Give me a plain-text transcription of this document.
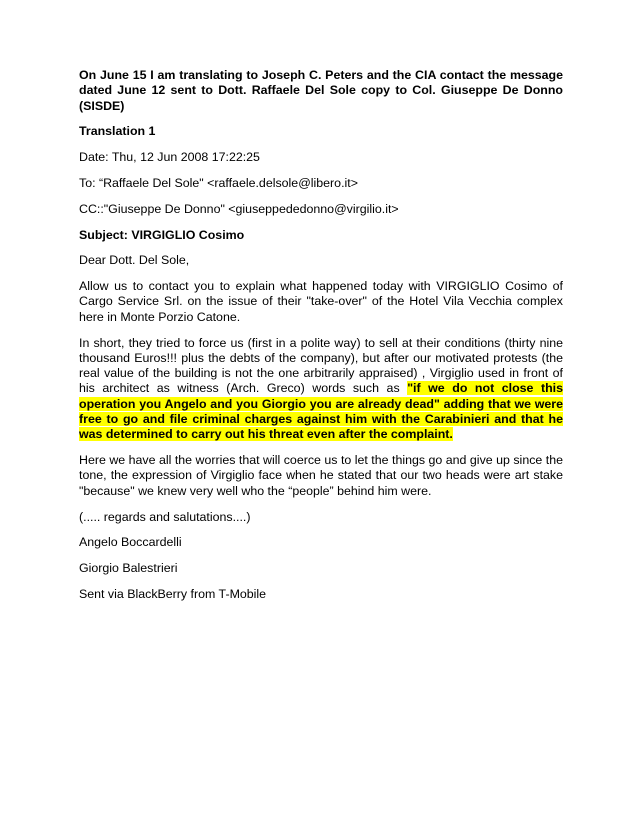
On June 15 I am translating to Joseph C. Peters and the CIA contact the message dated June 12 sent to Dott. Raffaele Del Sole copy to Col. Giuseppe De Donno (SISDE)

Translation 1

Date: Thu, 12 Jun 2008 17:22:25

To: “Raffaele Del Sole" <raffaele.delsole@libero.it>

CC::"Giuseppe De Donno" <giuseppededonno@virgilio.it>

Subject: VIRGIGLIO Cosimo

Dear Dott. Del Sole,

Allow us to contact you to explain what happened today with VIRGIGLIO Cosimo of Cargo Service Srl. on the issue of their "take-over" of the Hotel Vila Vecchia complex here in Monte Porzio Catone.

In short, they tried to force us (first in a polite way) to sell at their conditions (thirty nine thousand Euros!!! plus the debts of the company), but after our motivated protests (the real value of the building is not the one arbitrarily appraised) , Virgiglio used in front of his architect as witness (Arch. Greco) words such as "if we do not close this operation you Angelo and you Giorgio you are already dead" adding that we were free to go and file criminal charges against him with the Carabinieri and that he was determined to carry out his threat even after the complaint.

Here we have all the worries that will coerce us to let the things go and give up since the tone, the expression of Virgiglio face when he stated that our two heads were art stake "because" we knew very well who the “people” behind him were.

(..... regards and salutations....)

Angelo Boccardelli

Giorgio Balestrieri

Sent via BlackBerry from T-Mobile
